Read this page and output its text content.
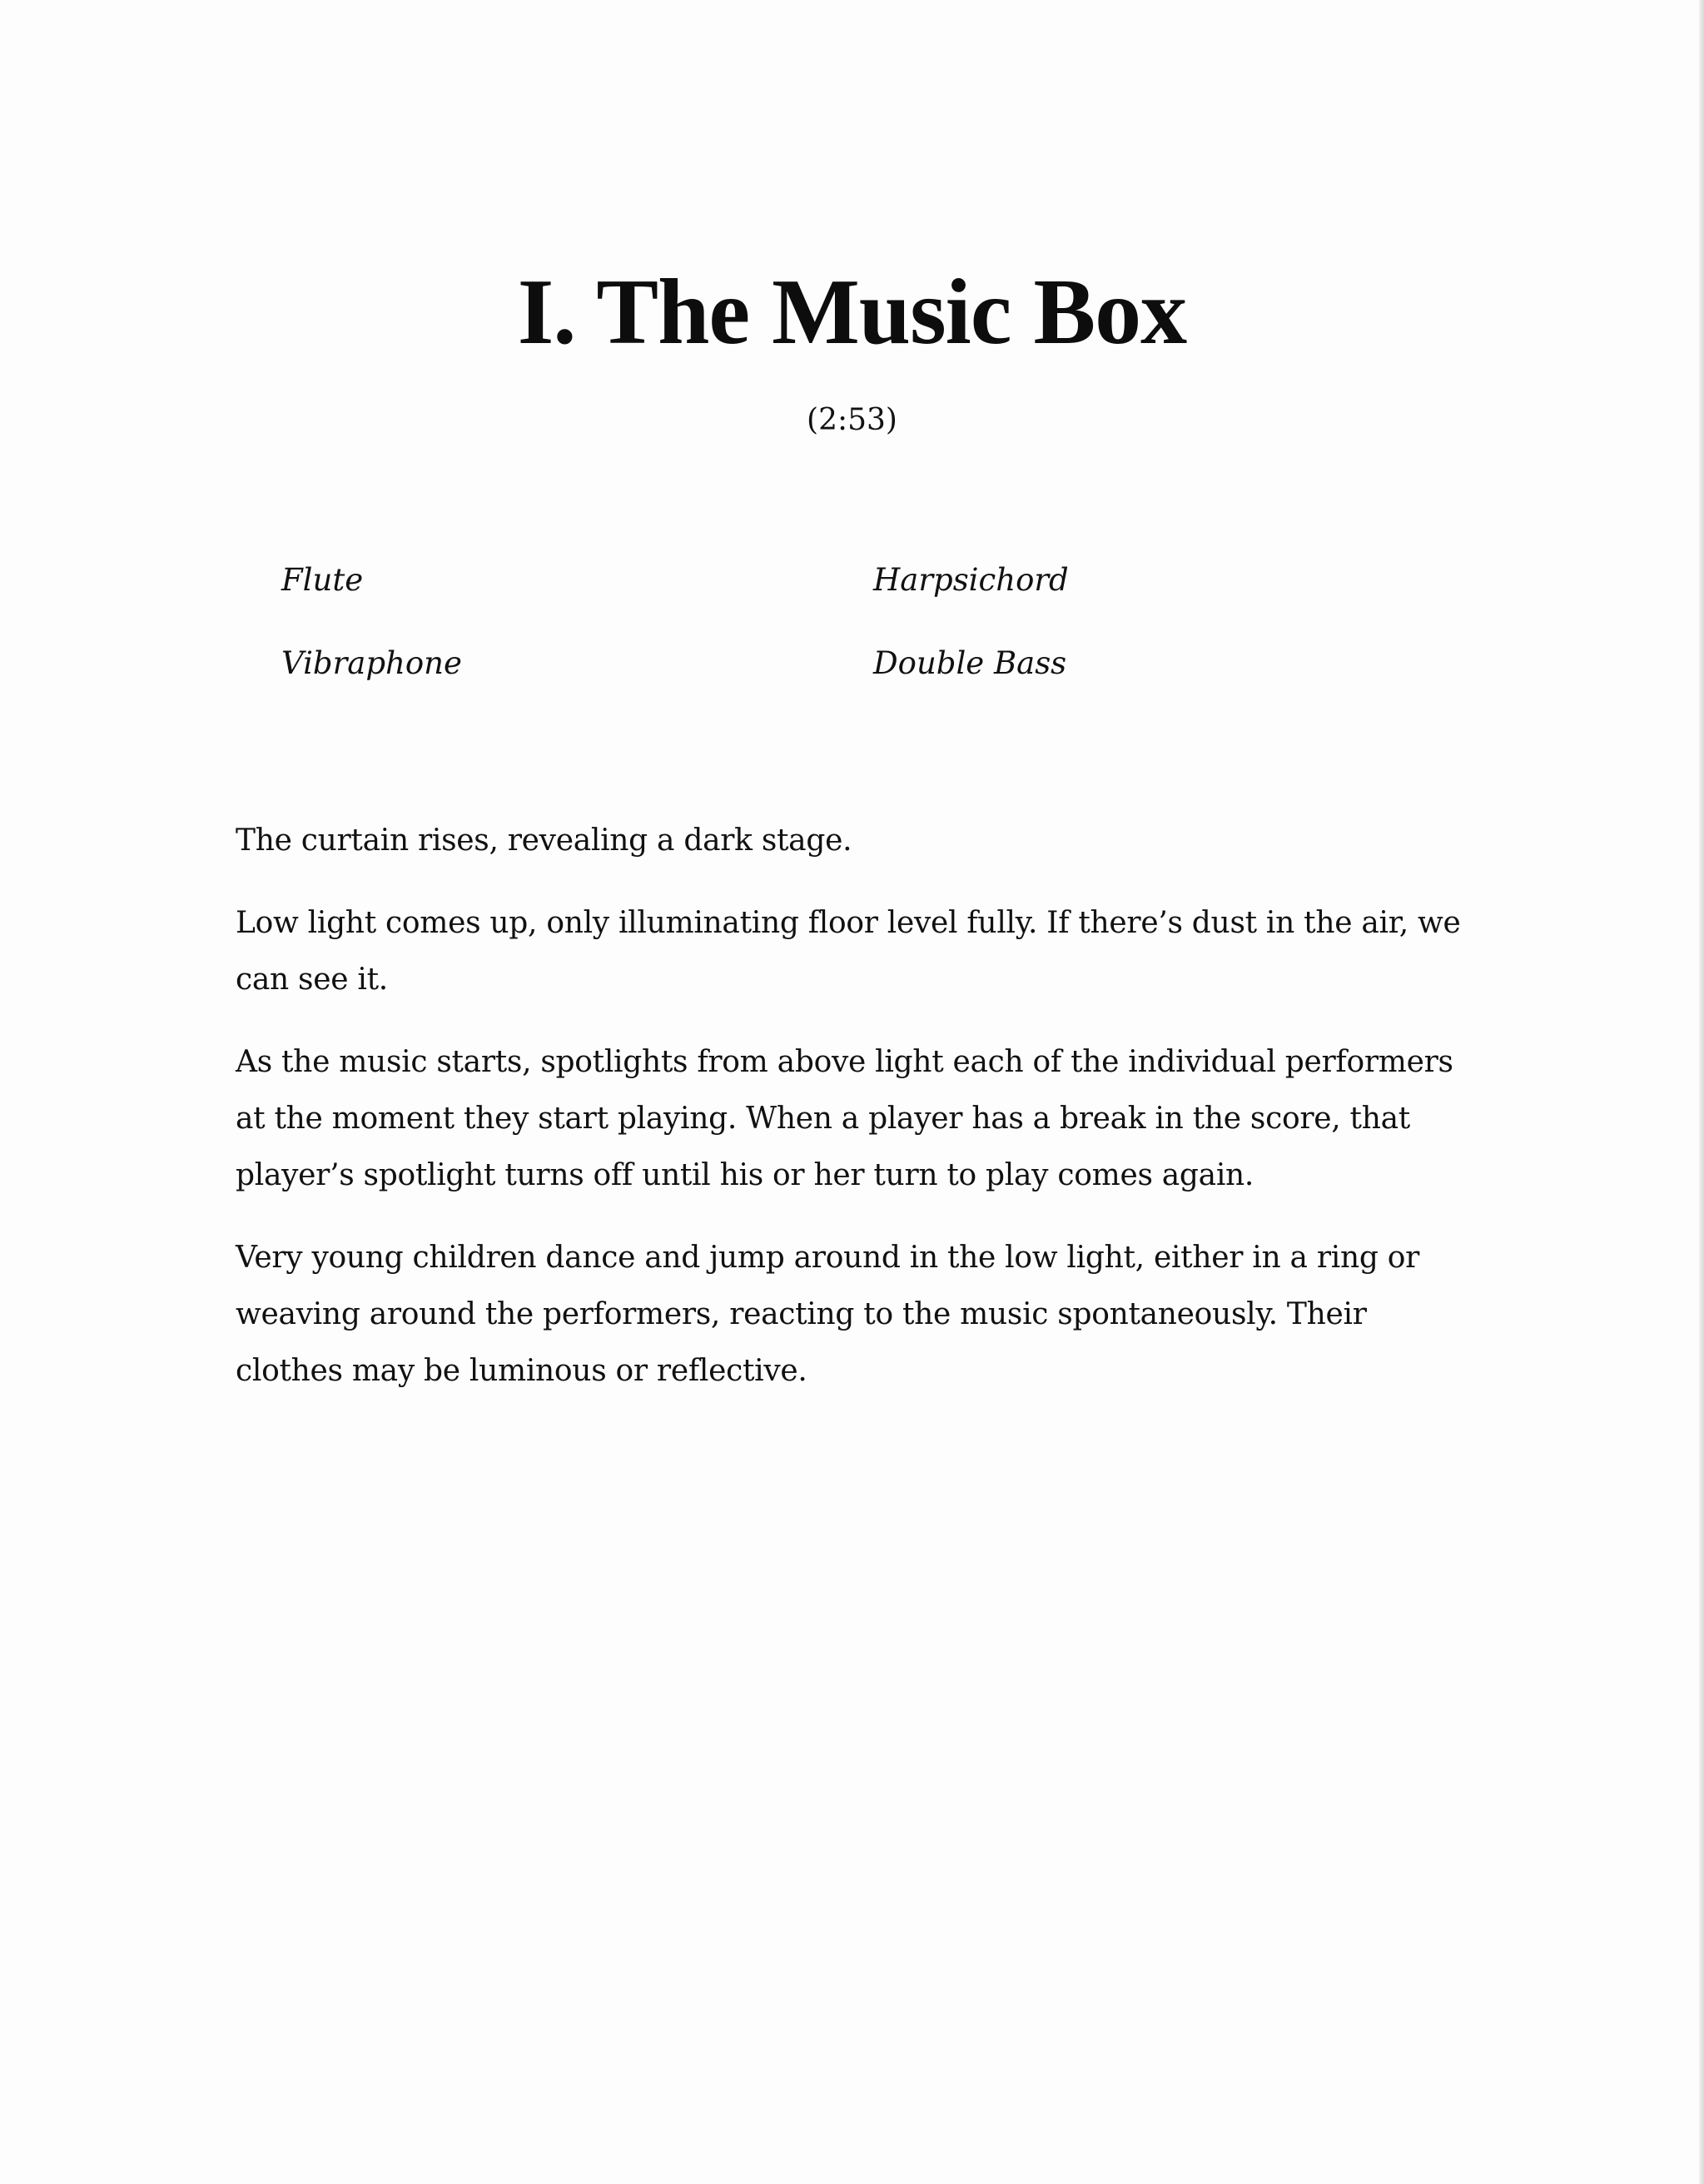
I. The Music Box
(2:53)
Flute	Harpsichord
Vibraphone	Double Bass

The curtain rises, revealing a dark stage.

Low light comes up, only illuminating floor level fully. If there’s dust in the air, we can see it.

As the music starts, spotlights from above light each of the individual performers at the moment they start playing. When a player has a break in the score, that player’s spotlight turns off until his or her turn to play comes again.

Very young children dance and jump around in the low light, either in a ring or weaving around the performers, reacting to the music spontaneously. Their clothes may be luminous or reflective.
